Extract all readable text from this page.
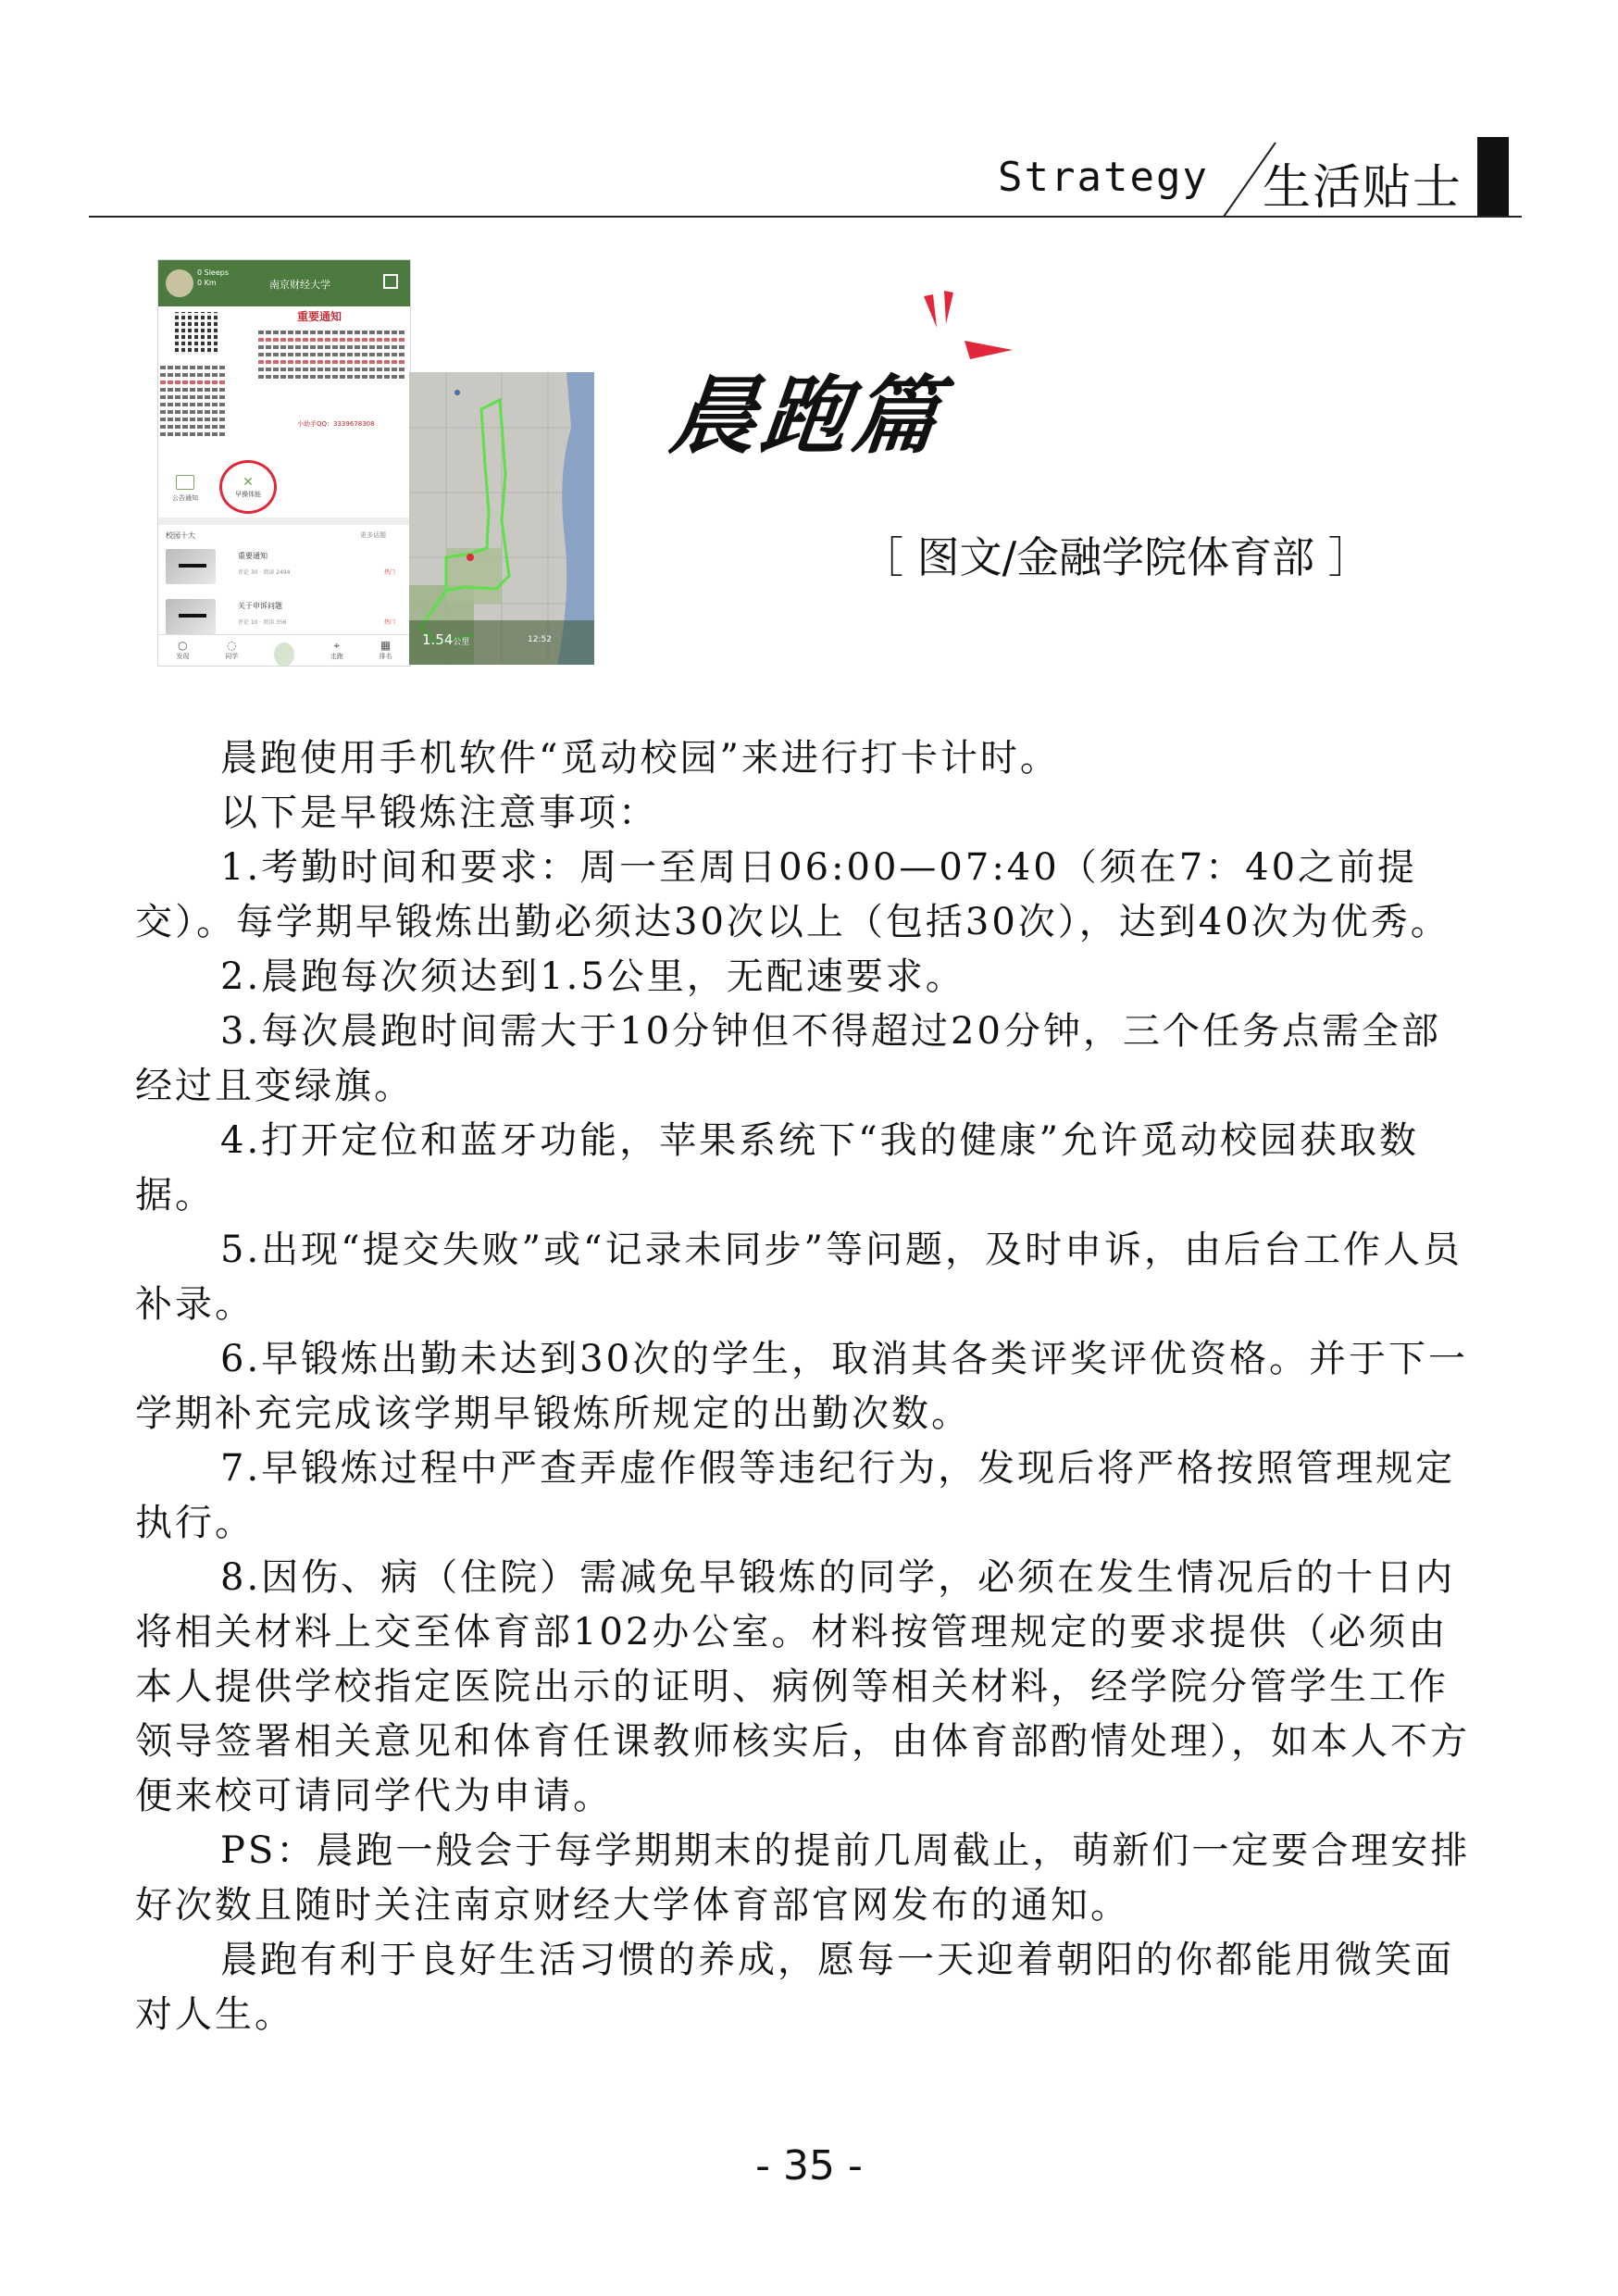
Strategy 生活贴士
0 Sleeps
0 Km	南京财经大学
重要通知
小助手QQ：3339678308
公告通知
✕
早操体能
校园十大	更多话题
重要通知
评论 30 · 阅读 2494	热门
关于申诉问题
评论 10 · 阅读 356	热门
○
发现
◌
同学
⌖
走跑
▦
排名
1.54公里	12:52
晨跑篇
［ 图文/金融学院体育部 ］

晨跑使用手机软件“觅动校园”来进行打卡计时。

以下是早锻炼注意事项：

1.考勤时间和要求：周一至周日06:00—07:40（须在7：40之前提交）。每学期早锻炼出勤必须达30次以上（包括30次），达到40次为优秀。

2.晨跑每次须达到1.5公里，无配速要求。

3.每次晨跑时间需大于10分钟但不得超过20分钟，三个任务点需全部经过且变绿旗。

4.打开定位和蓝牙功能，苹果系统下“我的健康”允许觅动校园获取数据。

5.出现“提交失败”或“记录未同步”等问题，及时申诉，由后台工作人员补录。

6.早锻炼出勤未达到30次的学生，取消其各类评奖评优资格。并于下一学期补充完成该学期早锻炼所规定的出勤次数。

7.早锻炼过程中严查弄虚作假等违纪行为，发现后将严格按照管理规定执行。

8.因伤、病（住院）需减免早锻炼的同学，必须在发生情况后的十日内将相关材料上交至体育部102办公室。材料按管理规定的要求提供（必须由本人提供学校指定医院出示的证明、病例等相关材料，经学院分管学生工作领导签署相关意见和体育任课教师核实后，由体育部酌情处理），如本人不方便来校可请同学代为申请。

PS：晨跑一般会于每学期期末的提前几周截止，萌新们一定要合理安排好次数且随时关注南京财经大学体育部官网发布的通知。

晨跑有利于良好生活习惯的养成，愿每一天迎着朝阳的你都能用微笑面对人生。

- 35 -
